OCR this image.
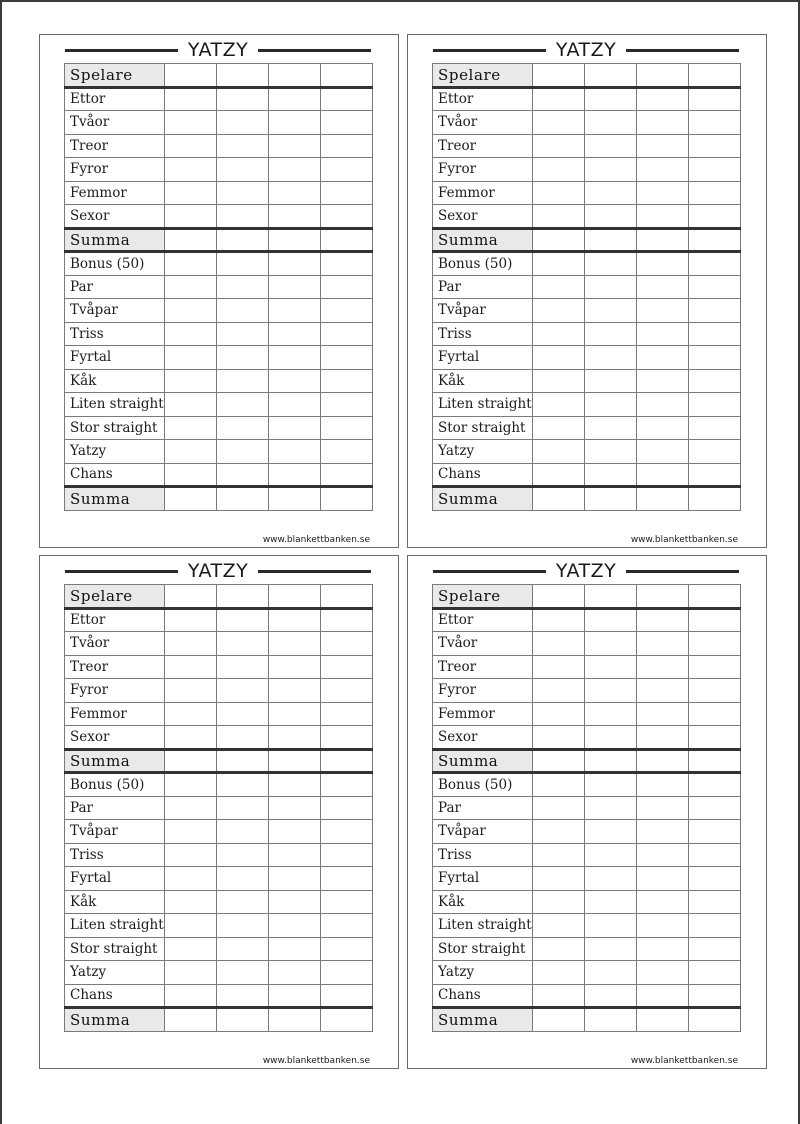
YATZY
Spelare				
Ettor				
Tvåor				
Treor				
Fyror				
Femmor				
Sexor				
Summa				
Bonus (50)				
Par				
Tvåpar				
Triss				
Fyrtal				
Kåk				
Liten straight				
Stor straight				
Yatzy				
Chans				
Summa				
www.blankettbanken.se
YATZY
Spelare				
Ettor				
Tvåor				
Treor				
Fyror				
Femmor				
Sexor				
Summa				
Bonus (50)				
Par				
Tvåpar				
Triss				
Fyrtal				
Kåk				
Liten straight				
Stor straight				
Yatzy				
Chans				
Summa				
www.blankettbanken.se
YATZY
Spelare				
Ettor				
Tvåor				
Treor				
Fyror				
Femmor				
Sexor				
Summa				
Bonus (50)				
Par				
Tvåpar				
Triss				
Fyrtal				
Kåk				
Liten straight				
Stor straight				
Yatzy				
Chans				
Summa				
www.blankettbanken.se
YATZY
Spelare				
Ettor				
Tvåor				
Treor				
Fyror				
Femmor				
Sexor				
Summa				
Bonus (50)				
Par				
Tvåpar				
Triss				
Fyrtal				
Kåk				
Liten straight				
Stor straight				
Yatzy				
Chans				
Summa				
www.blankettbanken.se
